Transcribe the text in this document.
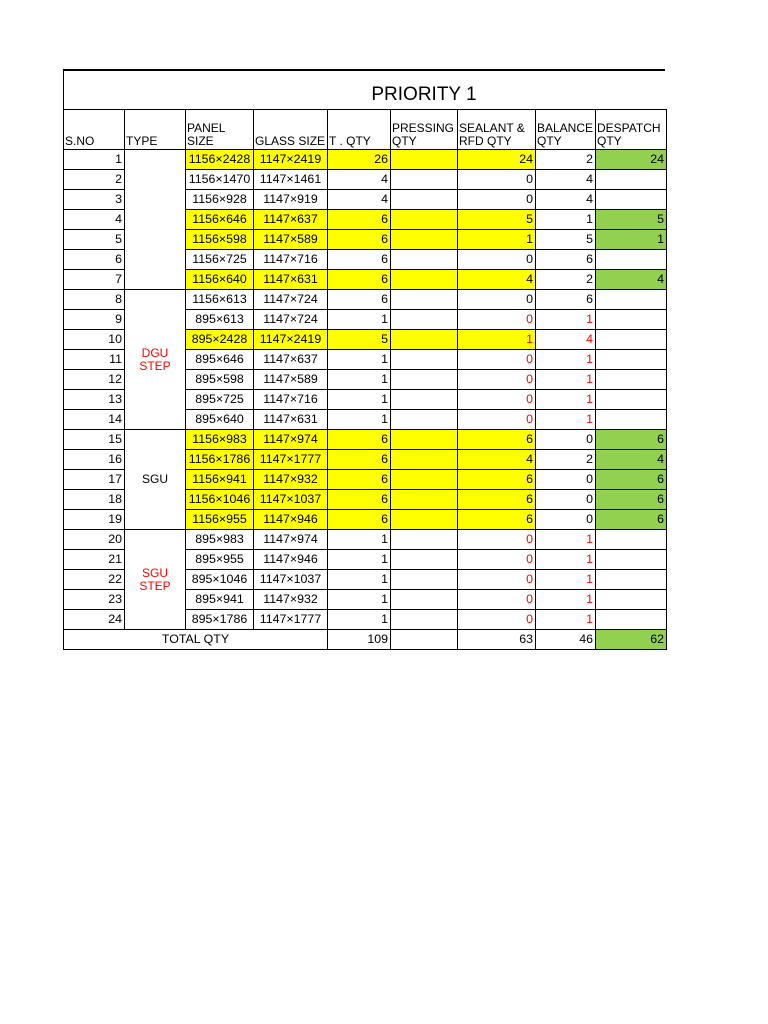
PRIORITY 1
S.NO	TYPE	PANEL SIZE	GLASS SIZE	T . QTY	PRESSING QTY	SEALANT & RFD QTY	BALANCE QTY	DESPATCH QTY
1		1156×2428	1147×2419	26		24	2	24
2		1156×1470	1147×1461	4		0	4	
3		1156×928	1147×919	4		0	4	
4		1156×646	1147×637	6		5	1	5
5		1156×598	1147×589	6		1	5	1
6		1156×725	1147×716	6		0	6	
7		1156×640	1147×631	6		4	2	4
8	DGU STEP	1156×613	1147×724	6		0	6	
9		895×613	1147×724	1		0	1	
10		895×2428	1147×2419	5		1	4	
11		895×646	1147×637	1		0	1	
12		895×598	1147×589	1		0	1	
13		895×725	1147×716	1		0	1	
14		895×640	1147×631	1		0	1	
15	SGU	1156×983	1147×974	6		6	0	6
16		1156×1786	1147×1777	6		4	2	4
17		1156×941	1147×932	6		6	0	6
18		1156×1046	1147×1037	6		6	0	6
19		1156×955	1147×946	6		6	0	6
20	SGU STEP	895×983	1147×974	1		0	1	
21		895×955	1147×946	1		0	1	
22		895×1046	1147×1037	1		0	1	
23		895×941	1147×932	1		0	1	
24		895×1786	1147×1777	1		0	1	
TOTAL QTY				109		63	46	62
